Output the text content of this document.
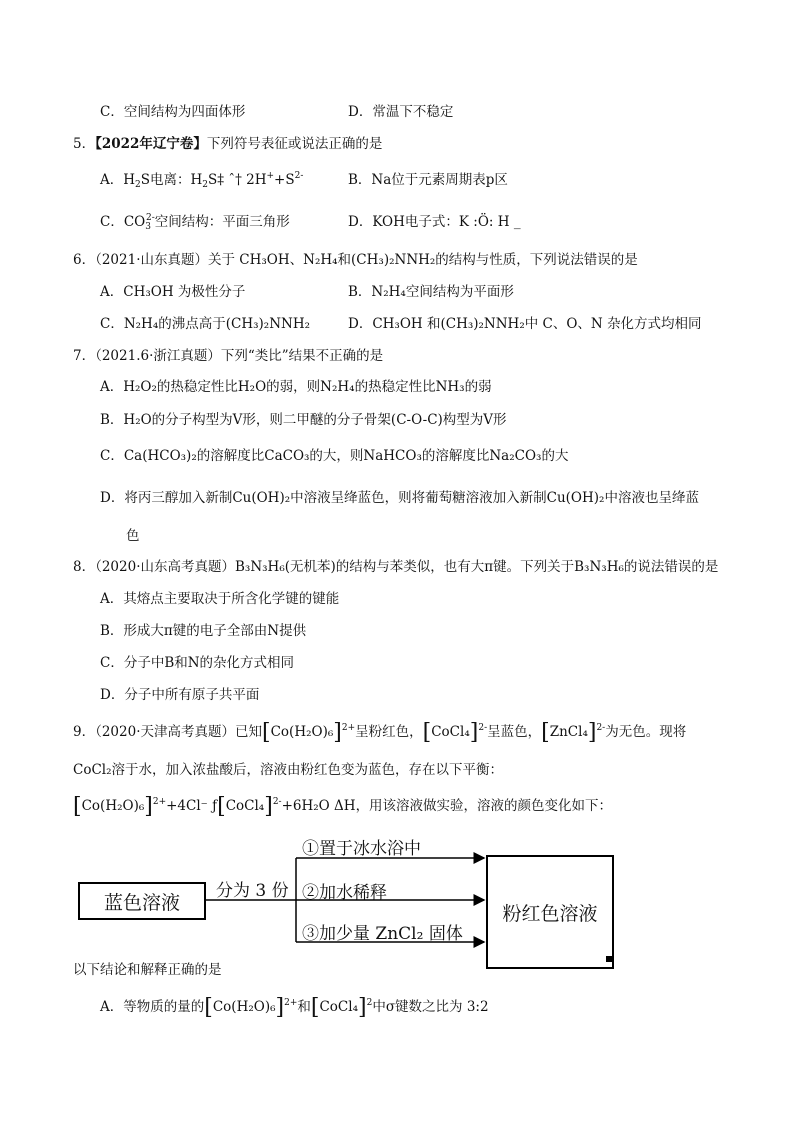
C．空间结构为四面体形	D．常温下不稳定
5．【2022年辽宁卷】下列符号表征或说法正确的是
A．$H_2S$电离：$H_2S\ddagger$ ˆ† $2H^++S^{2-}$	B．Na位于元素周期表p区
C．$CO_3^{2-}$空间结构：平面三角形	D．KOH电子式：K :Ö: H _
6．（2021·山东真题）关于 CH₃OH、N₂H₄和(CH₃)₂NNH₂的结构与性质，下列说法错误的是
A．CH₃OH 为极性分子	B．N₂H₄空间结构为平面形
C．N₂H₄的沸点高于(CH₃)₂NNH₂	D．CH₃OH 和(CH₃)₂NNH₂中 C、O、N 杂化方式均相同
7．（2021.6·浙江真题）下列“类比”结果不正确的是
A．H₂O₂的热稳定性比H₂O的弱，则N₂H₄的热稳定性比NH₃的弱
B．H₂O的分子构型为V形，则二甲醚的分子骨架(C-O-C)构型为V形
C．Ca(HCO₃)₂的溶解度比CaCO₃的大，则NaHCO₃的溶解度比Na₂CO₃的大
D．将丙三醇加入新制Cu(OH)₂中溶液呈绛蓝色，则将葡萄糖溶液加入新制Cu(OH)₂中溶液也呈绛蓝
色
8．（2020·山东高考真题）B₃N₃H₆(无机苯)的结构与苯类似，也有大π键。下列关于B₃N₃H₆的说法错误的是
A．其熔点主要取决于所含化学键的键能
B．形成大π键的电子全部由N提供
C．分子中B和N的杂化方式相同
D．分子中所有原子共平面
9．（2020·天津高考真题）已知$[Co(H_2O)_6]^{2+}$呈粉红色，[CoCl₄]$^{2-}$呈蓝色，[ZnCl₄]$^{2-}$为无色。现将
CoCl₂溶于水，加入浓盐酸后，溶液由粉红色变为蓝色，存在以下平衡：
$[Co(H_2O)_6]^{2+}+4Cl^-$ ƒ[CoCl₄]$^{2-}$+6H₂O ΔH，用该溶液做实验，溶液的颜色变化如下：
蓝色溶液
分为 3 份
粉红色溶液
①置于冰水浴中
②加水稀释
③加少量 ZnCl₂ 固体
以下结论和解释正确的是
A．等物质的量的$[Co(H_2O)_6]^{2+}$和[CoCl₄]$^2$中σ键数之比为 3:2
